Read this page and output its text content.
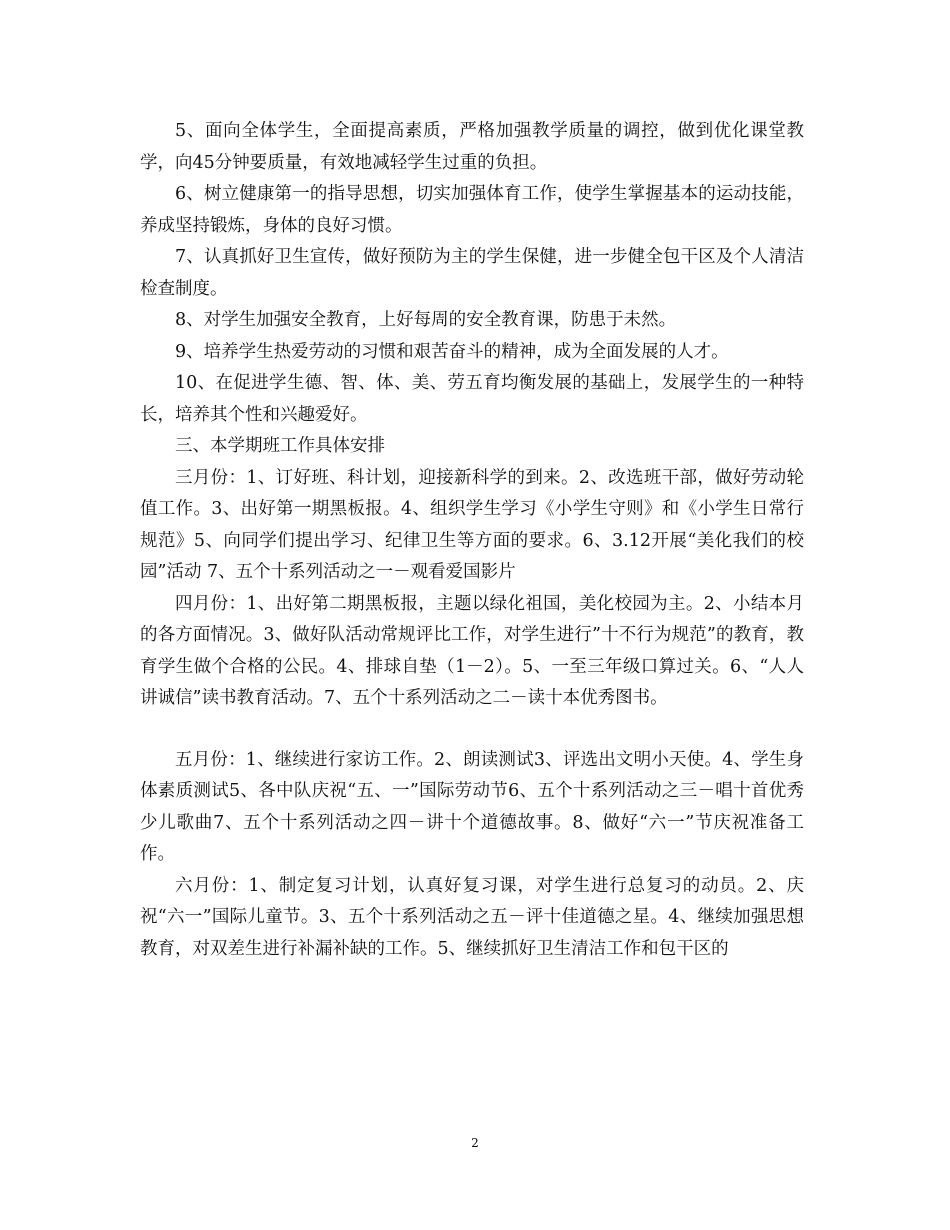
5、面向全体学生，全面提高素质，严格加强教学质量的调控，做到优化课堂教学，向45分钟要质量，有效地减轻学生过重的负担。

6、树立健康第一的指导思想，切实加强体育工作，使学生掌握基本的运动技能，养成坚持锻炼，身体的良好习惯。

7、认真抓好卫生宣传，做好预防为主的学生保健，进一步健全包干区及个人清洁检查制度。

8、对学生加强安全教育，上好每周的安全教育课，防患于未然。

9、培养学生热爱劳动的习惯和艰苦奋斗的精神，成为全面发展的人才。

10、在促进学生德、智、体、美、劳五育均衡发展的基础上，发展学生的一种特长，培养其个性和兴趣爱好。

三、本学期班工作具体安排

三月份：1、订好班、科计划，迎接新科学的到来。2、改选班干部，做好劳动轮值工作。3、出好第一期黑板报。4、组织学生学习《小学生守则》和《小学生日常行规范》5、向同学们提出学习、纪律卫生等方面的要求。6、3.12开展“美化我们的校园”活动 7、五个十系列活动之一－观看爱国影片

四月份：1、出好第二期黑板报，主题以绿化祖国，美化校园为主。2、小结本月的各方面情况。3、做好队活动常规评比工作，对学生进行”十不行为规范”的教育，教育学生做个合格的公民。4、排球自垫（1－2）。5、一至三年级口算过关。6、“人人讲诚信”读书教育活动。7、五个十系列活动之二－读十本优秀图书。

五月份：1、继续进行家访工作。2、朗读测试3、评选出文明小天使。4、学生身体素质测试5、各中队庆祝“五、一”国际劳动节6、五个十系列活动之三－唱十首优秀少儿歌曲7、五个十系列活动之四－讲十个道德故事。8、做好“六一”节庆祝准备工作。

六月份：1、制定复习计划，认真好复习课，对学生进行总复习的动员。2、庆祝“六一”国际儿童节。3、五个十系列活动之五－评十佳道德之星。4、继续加强思想教育，对双差生进行补漏补缺的工作。5、继续抓好卫生清洁工作和包干区的

2
